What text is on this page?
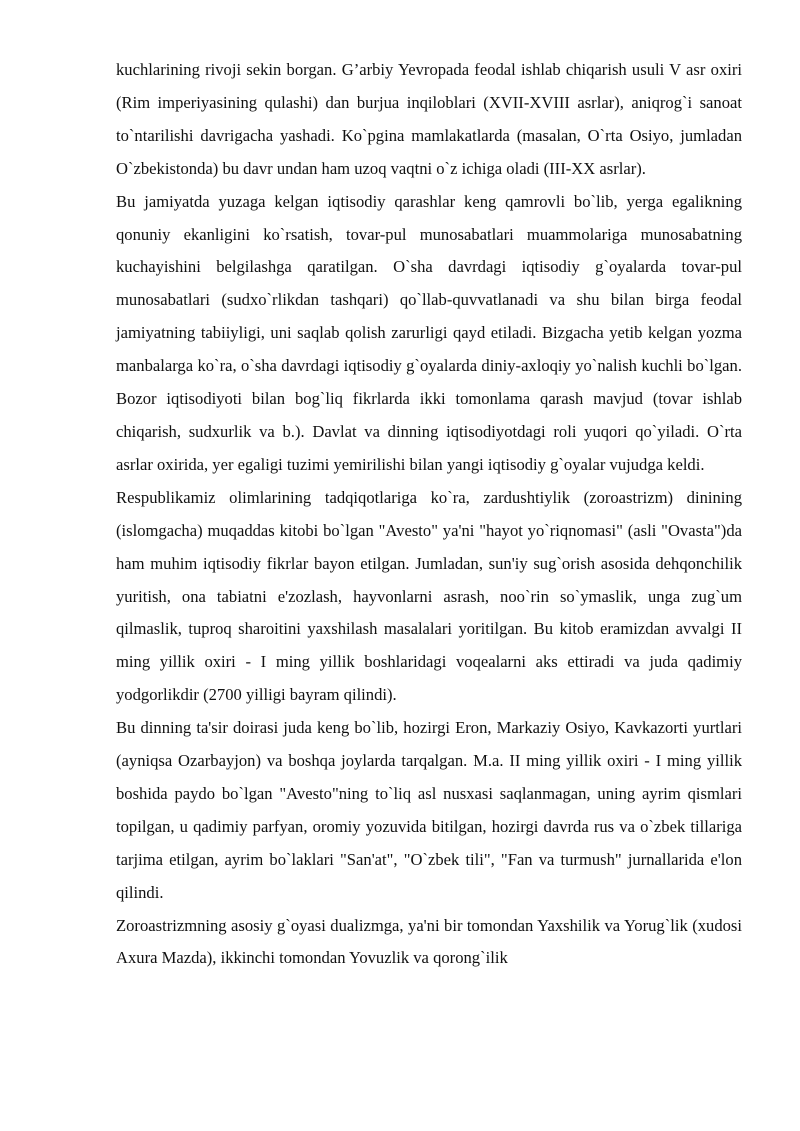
kuchlarining rivoji sekin borgan. G’arbiy Yevropada feodal ishlab chiqarish usuli V asr oxiri (Rim imperiyasining qulashi) dan burjua inqiloblari (XVII-XVIII asrlar), aniqrog`i sanoat to`ntarilishi davrigacha yashadi. Ko`pgina mamlakatlarda (masalan, O`rta Osiyo, jumladan O`zbekistonda) bu davr undan ham uzoq vaqtni o`z ichiga oladi (III-XX asrlar).

Bu jamiyatda yuzaga kelgan iqtisodiy qarashlar keng qamrovli bo`lib, yerga egalikning qonuniy ekanligini ko`rsatish, tovar-pul munosabatlari muammolariga munosabatning kuchayishini belgilashga qaratilgan. O`sha davrdagi iqtisodiy g`oyalarda tovar-pul munosabatlari (sudxo`rlikdan tashqari) qo`llab-quvvatlanadi va shu bilan birga feodal jamiyatning tabiiyligi, uni saqlab qolish zarurligi qayd etiladi. Bizgacha yetib kelgan yozma manbalarga ko`ra, o`sha davrdagi iqtisodiy g`oyalarda diniy-axloqiy yo`nalish kuchli bo`lgan. Bozor iqtisodiyoti bilan bog`liq fikrlarda ikki tomonlama qarash mavjud (tovar ishlab chiqarish, sudxurlik va b.). Davlat va dinning iqtisodiyotdagi roli yuqori qo`yiladi. O`rta asrlar oxirida, yer egaligi tuzimi yemirilishi bilan yangi iqtisodiy g`oyalar vujudga keldi.

Respublikamiz olimlarining tadqiqotlariga ko`ra, zardushtiylik (zoroastrizm) dinining (islomgacha) muqaddas kitobi bo`lgan "Avesto" ya'ni "hayot yo`riqnomasi" (asli "Ovasta")da ham muhim iqtisodiy fikrlar bayon etilgan. Jumladan, sun'iy sug`orish asosida dehqonchilik yuritish, ona tabiatni e'zozlash, hayvonlarni asrash, noo`rin so`ymaslik, unga zug`um qilmaslik, tuproq sharoitini yaxshilash masalalari yoritilgan. Bu kitob eramizdan avvalgi II ming yillik oxiri - I ming yillik boshlaridagi voqealarni aks ettiradi va juda qadimiy yodgorlikdir (2700 yilligi bayram qilindi).

Bu dinning ta'sir doirasi juda keng bo`lib, hozirgi Eron, Markaziy Osiyo, Kavkazorti yurtlari (ayniqsa Ozarbayjon) va boshqa joylarda tarqalgan. M.a. II ming yillik oxiri - I ming yillik boshida paydo bo`lgan "Avesto"ning to`liq asl nusxasi saqlanmagan, uning ayrim qismlari topilgan, u qadimiy parfyan, oromiy yozuvida bitilgan, hozirgi davrda rus va o`zbek tillariga tarjima etilgan, ayrim bo`laklari "San'at", "O`zbek tili", "Fan va turmush" jurnallarida e'lon qilindi.

Zoroastrizmning asosiy g`oyasi dualizmga, ya'ni bir tomondan Yaxshilik va Yorug`lik (xudosi Axura Mazda), ikkinchi tomondan Yovuzlik va qorong`ilik
